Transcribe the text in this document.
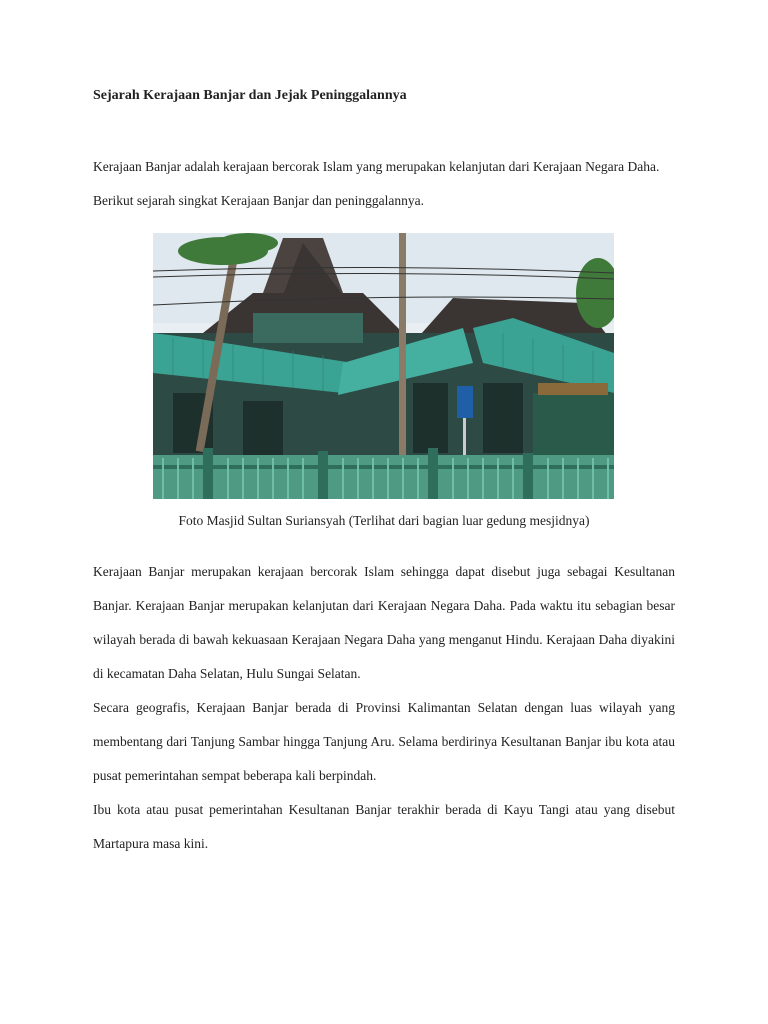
Sejarah Kerajaan Banjar dan Jejak Peninggalannya

Kerajaan Banjar adalah kerajaan bercorak Islam yang merupakan kelanjutan dari Kerajaan Negara Daha. Berikut sejarah singkat Kerajaan Banjar dan peninggalannya.

Foto Masjid Sultan Suriansyah (Terlihat dari bagian luar gedung mesjidnya)

Kerajaan Banjar merupakan kerajaan bercorak Islam sehingga dapat disebut juga sebagai Kesultanan Banjar. Kerajaan Banjar merupakan kelanjutan dari Kerajaan Negara Daha. Pada waktu itu sebagian besar wilayah berada di bawah kekuasaan Kerajaan Negara Daha yang menganut Hindu. Kerajaan Daha diyakini di kecamatan Daha Selatan, Hulu Sungai Selatan.

Secara geografis, Kerajaan Banjar berada di Provinsi Kalimantan Selatan dengan luas wilayah yang membentang dari Tanjung Sambar hingga Tanjung Aru. Selama berdirinya Kesultanan Banjar ibu kota atau pusat pemerintahan sempat beberapa kali berpindah.

Ibu kota atau pusat pemerintahan Kesultanan Banjar terakhir berada di Kayu Tangi atau yang disebut Martapura masa kini.
